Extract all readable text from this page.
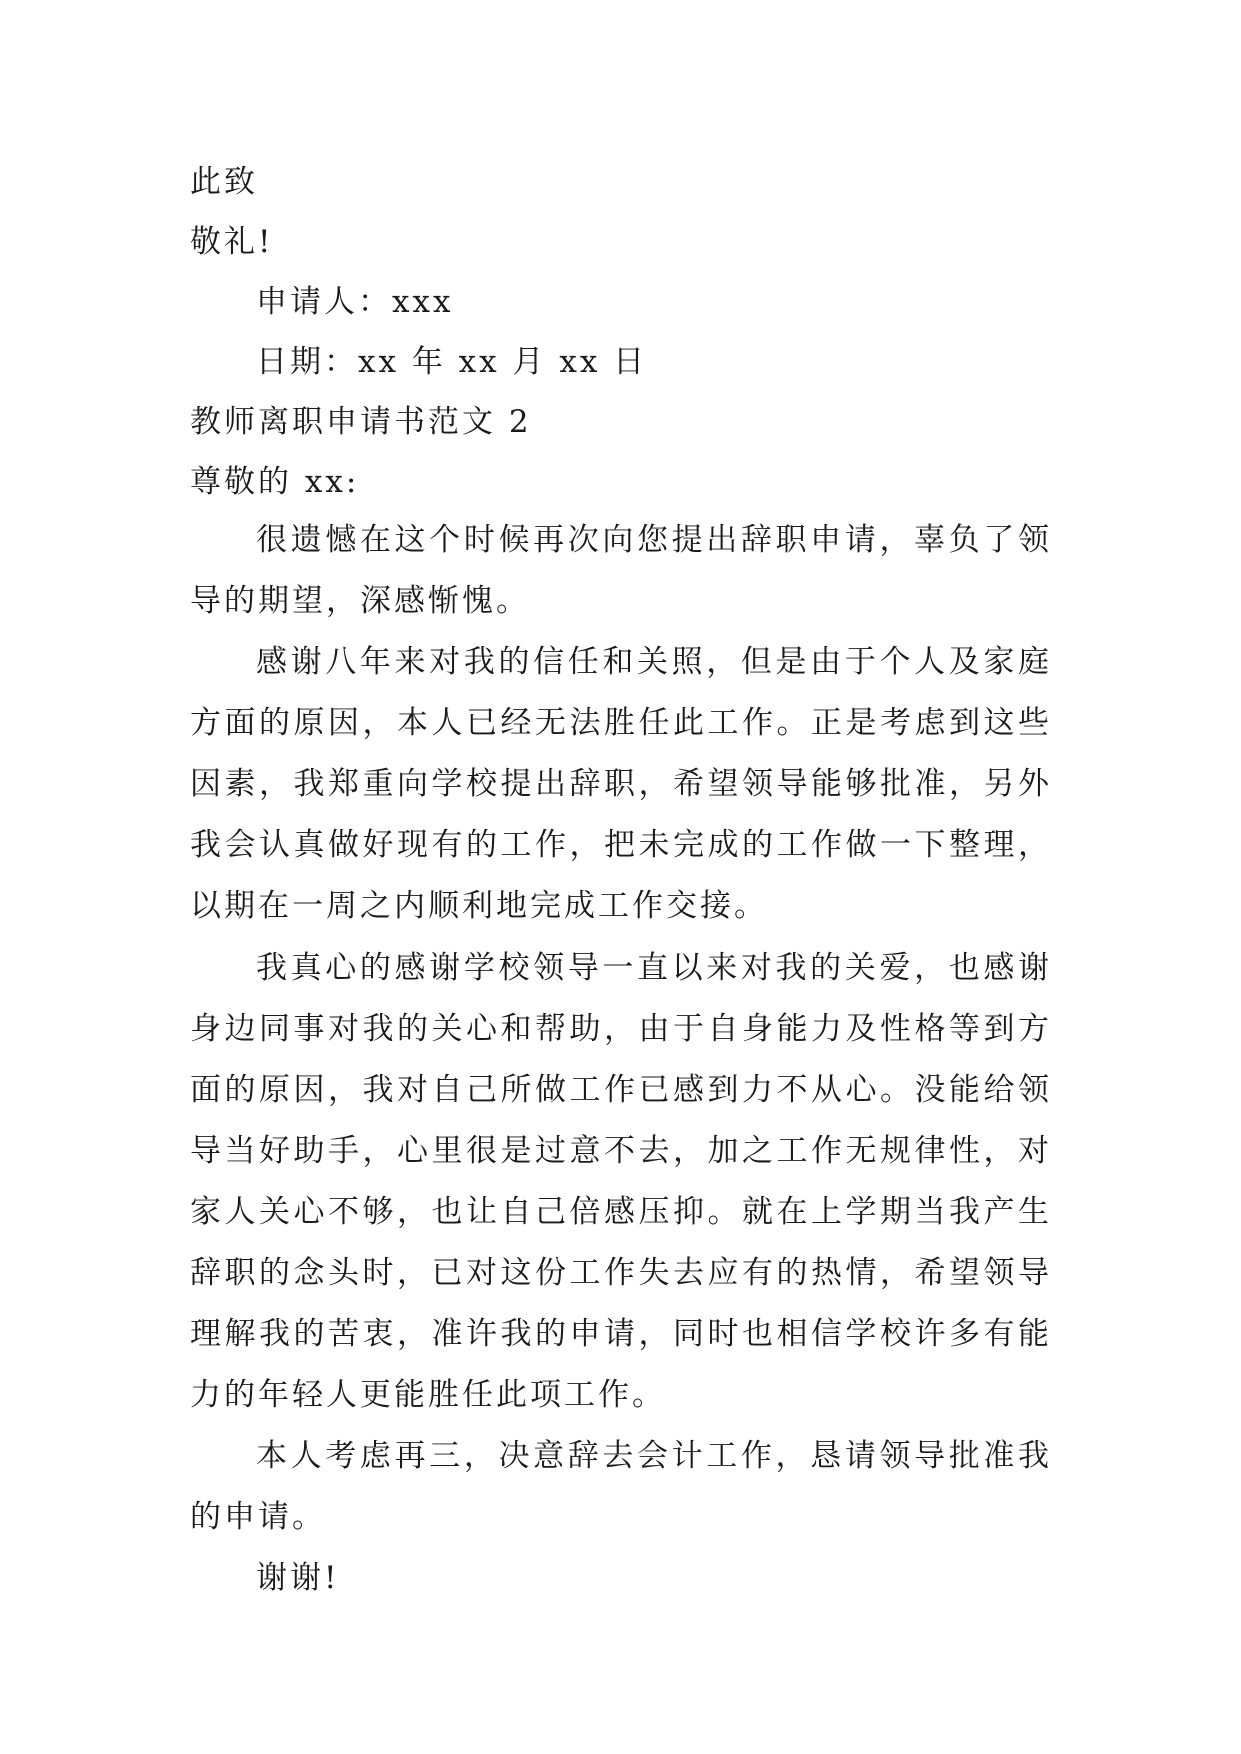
此致
敬礼!
申请人：xxx
日期：xx 年 xx 月 xx 日
教师离职申请书范文 2
尊敬的 xx:

很遗憾在这个时候再次向您提出辞职申请，辜负了领导的期望，深感惭愧。

感谢八年来对我的信任和关照，但是由于个人及家庭方面的原因，本人已经无法胜任此工作。正是考虑到这些因素，我郑重向学校提出辞职，希望领导能够批准，另外我会认真做好现有的工作，把未完成的工作做一下整理，以期在一周之内顺利地完成工作交接。

我真心的感谢学校领导一直以来对我的关爱，也感谢身边同事对我的关心和帮助，由于自身能力及性格等到方面的原因，我对自己所做工作已感到力不从心。没能给领导当好助手，心里很是过意不去，加之工作无规律性，对家人关心不够，也让自己倍感压抑。就在上学期当我产生辞职的念头时，已对这份工作失去应有的热情，希望领导理解我的苦衷，准许我的申请，同时也相信学校许多有能力的年轻人更能胜任此项工作。

本人考虑再三，决意辞去会计工作，恳请领导批准我的申请。

谢谢!
